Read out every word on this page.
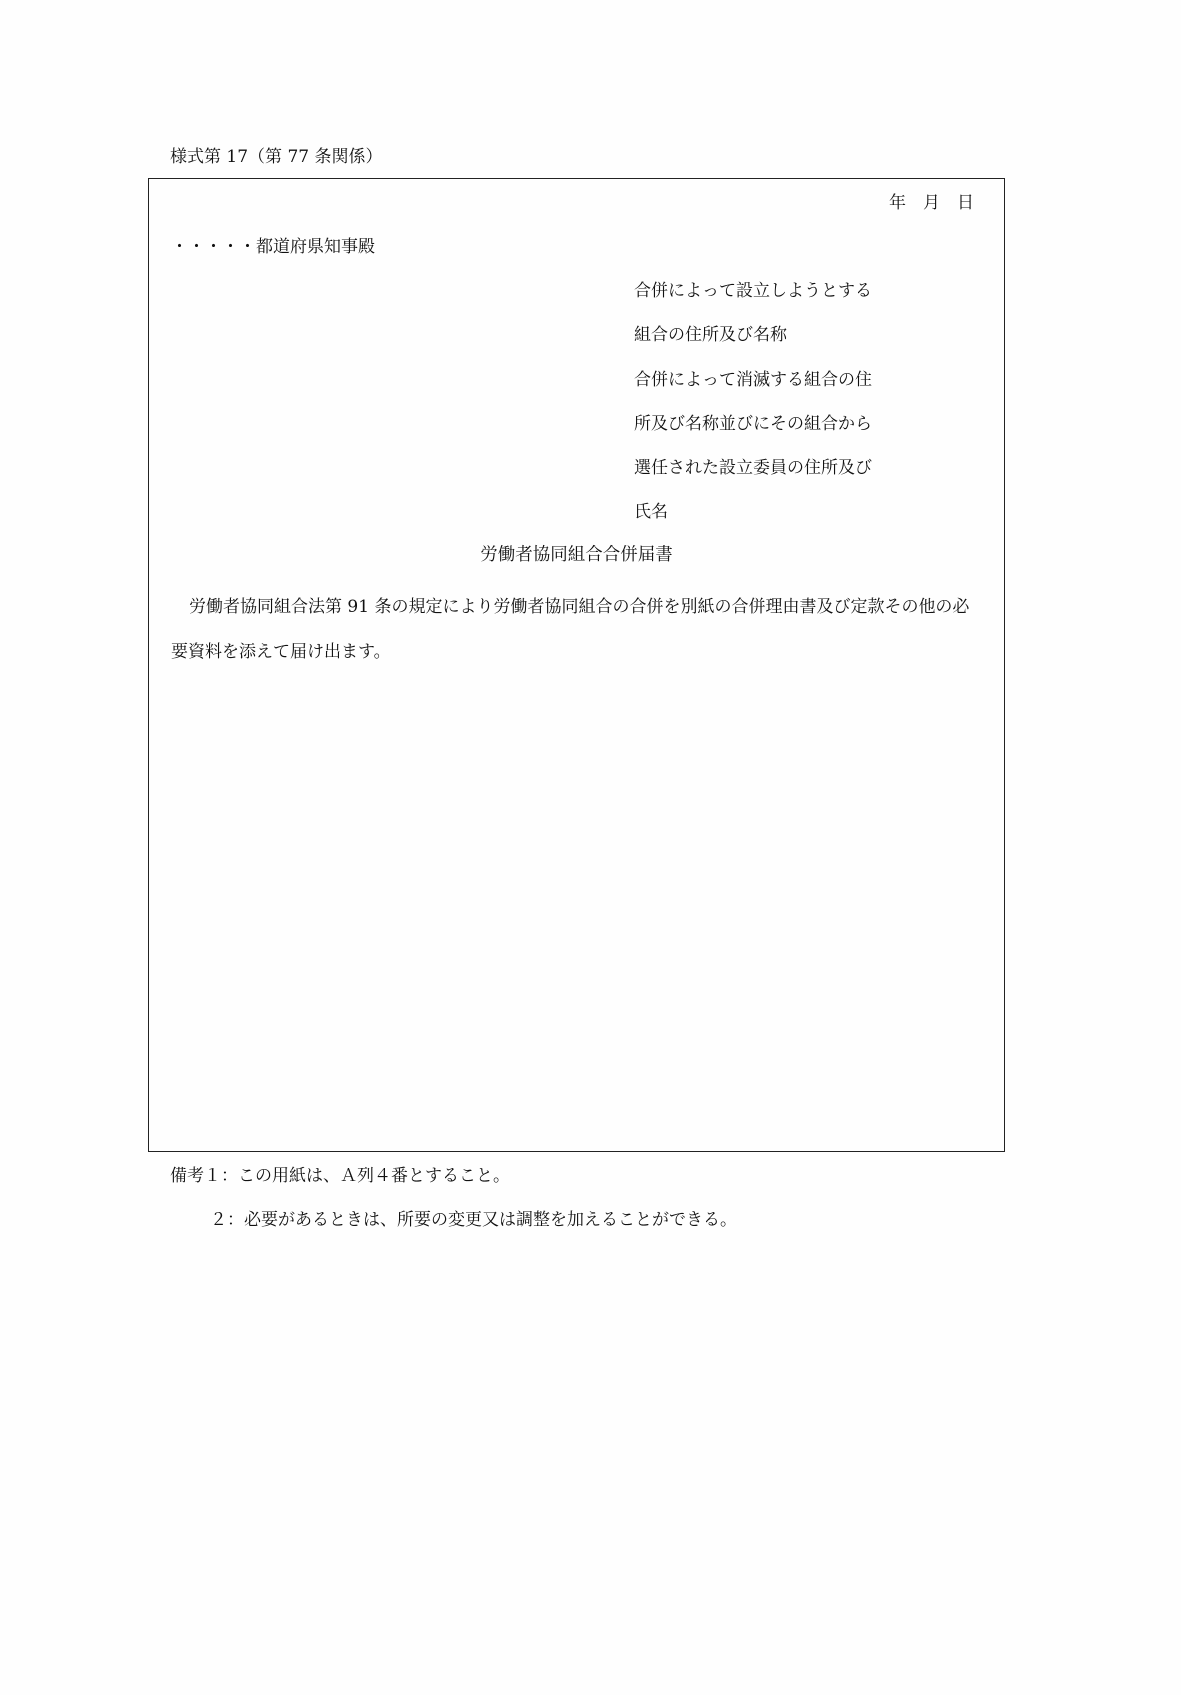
様式第 17（第 77 条関係）
年　月　日
・・・・・都道府県知事殿
合併によって設立しようとする
組合の住所及び名称
合併によって消滅する組合の住
所及び名称並びにその組合から
選任された設立委員の住所及び
氏名
労働者協同組合合併届書
労働者協同組合法第 91 条の規定により労働者協同組合の合併を別紙の合併理由書及び定款その他の必要資料を添えて届け出ます。
備考１：この用紙は、Ａ列４番とすること。
２：必要があるときは、所要の変更又は調整を加えることができる。
